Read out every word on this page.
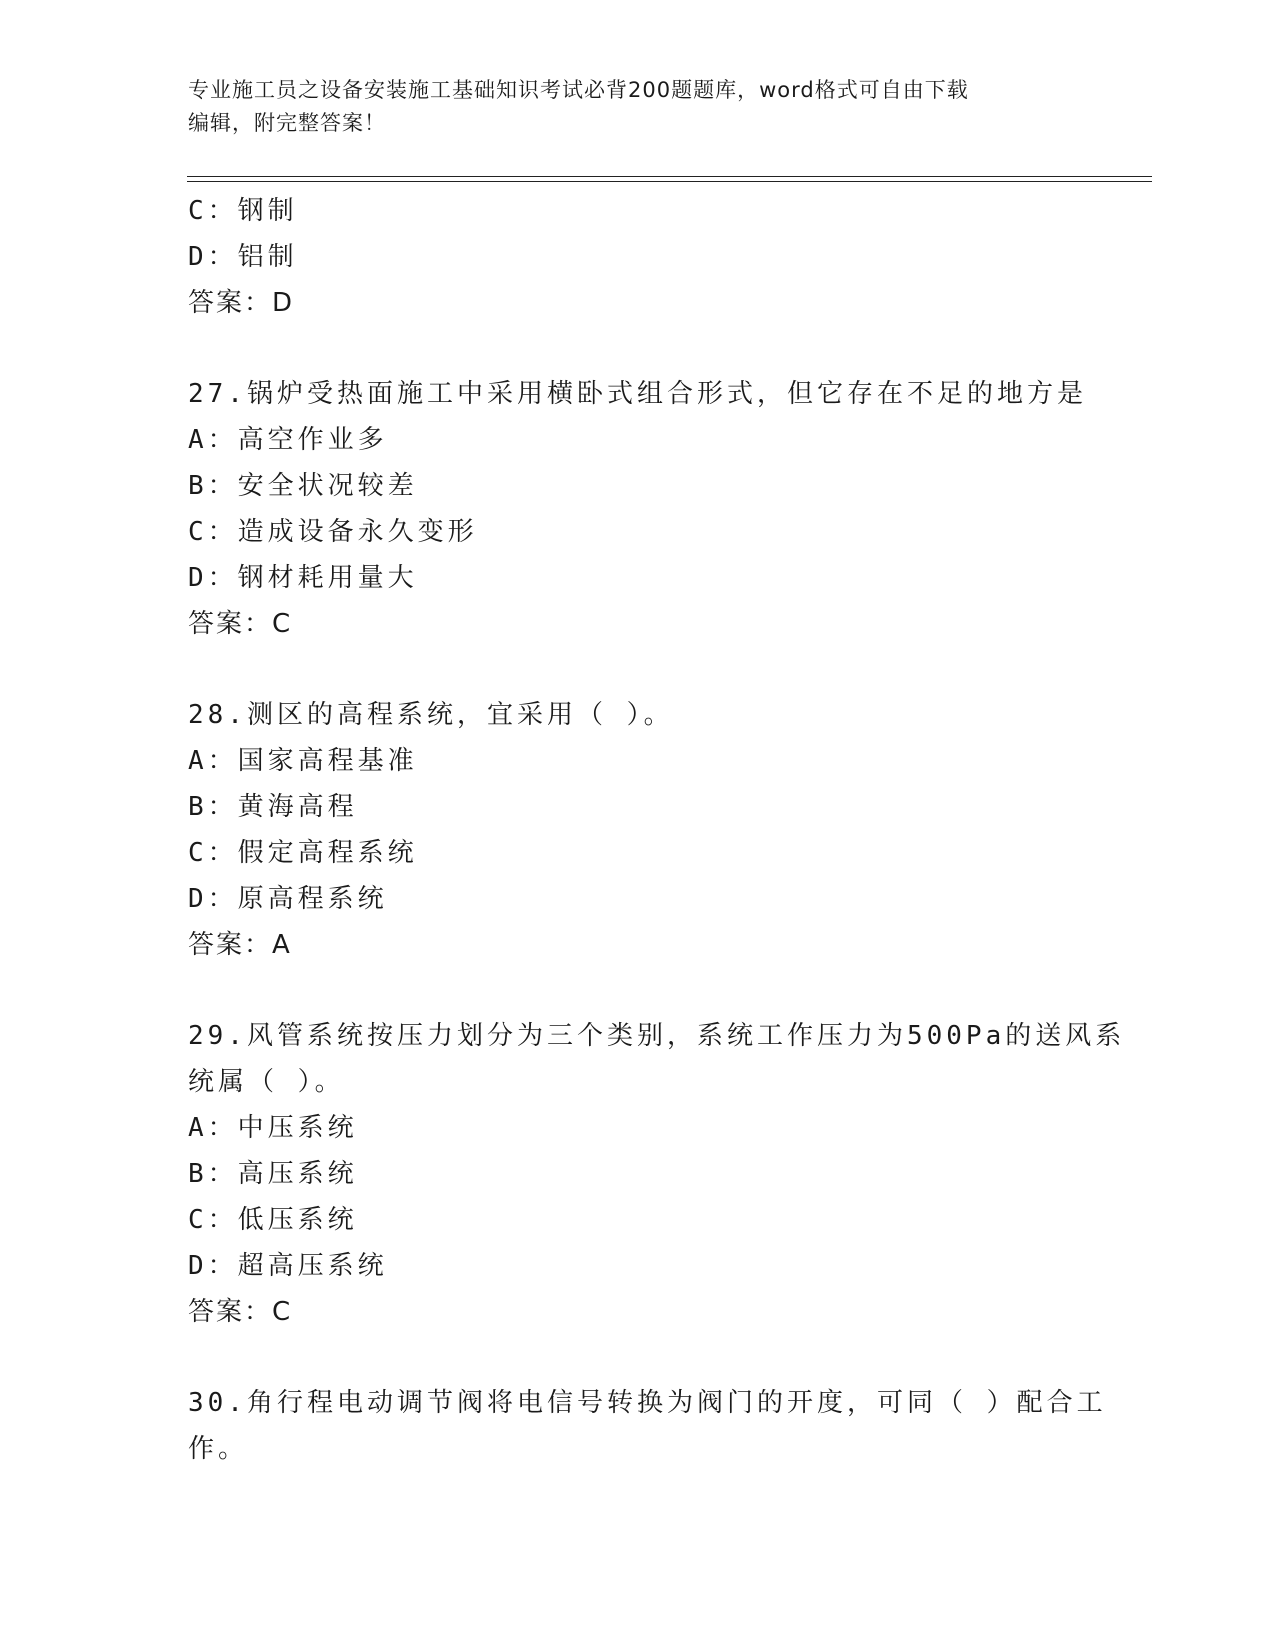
专业施工员之设备安装施工基础知识考试必背200题题库，word格式可自由下载
编辑，附完整答案！
C：钢制
D：铝制
答案：D
27.锅炉受热面施工中采用横卧式组合形式，但它存在不足的地方是
A：高空作业多
B：安全状况较差
C：造成设备永久变形
D：钢材耗用量大
答案：C
28.测区的高程系统，宜采用（ ）。
A：国家高程基准
B：黄海高程
C：假定高程系统
D：原高程系统
答案：A
29.风管系统按压力划分为三个类别，系统工作压力为500Pa的送风系
统属（ ）。
A：中压系统
B：高压系统
C：低压系统
D：超高压系统
答案：C
30.角行程电动调节阀将电信号转换为阀门的开度，可同（ ）配合工
作。
